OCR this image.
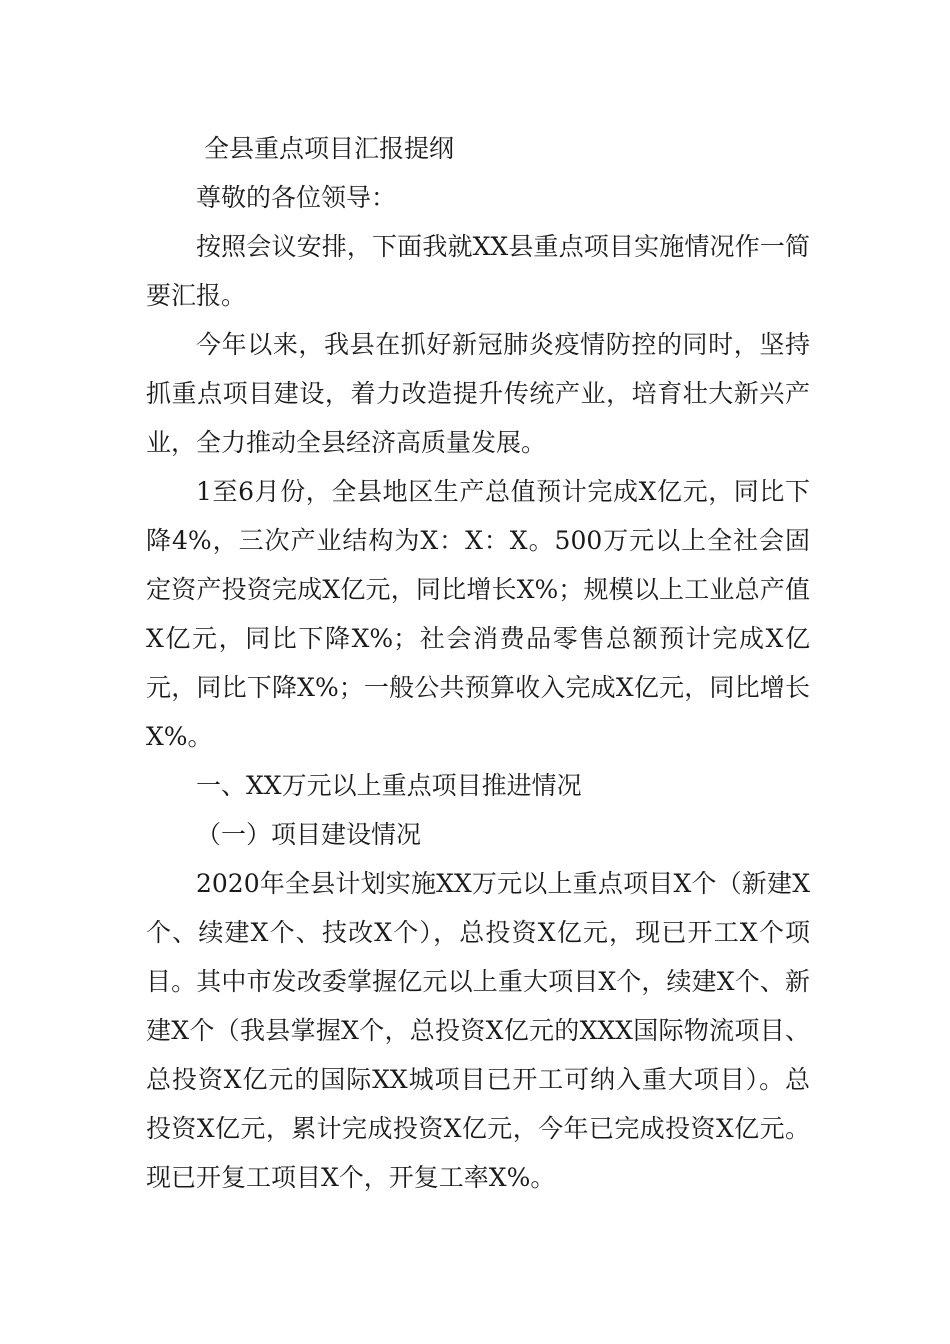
全县重点项目汇报提纲

尊敬的各位领导：

按照会议安排，下面我就XX县重点项目实施情况作一简要汇报。

今年以来，我县在抓好新冠肺炎疫情防控的同时，坚持抓重点项目建设，着力改造提升传统产业，培育壮大新兴产业，全力推动全县经济高质量发展。

1至6月份，全县地区生产总值预计完成X亿元，同比下降4%，三次产业结构为X：X：X。500万元以上全社会固定资产投资完成X亿元，同比增长X%；规模以上工业总产值X亿元，同比下降X%；社会消费品零售总额预计完成X亿元，同比下降X%；一般公共预算收入完成X亿元，同比增长X%。

一、XX万元以上重点项目推进情况

（一）项目建设情况

2020年全县计划实施XX万元以上重点项目X个（新建X个、续建X个、技改X个），总投资X亿元，现已开工X个项目。其中市发改委掌握亿元以上重大项目X个，续建X个、新建X个（我县掌握X个，总投资X亿元的XXX国际物流项目、总投资X亿元的国际XX城项目已开工可纳入重大项目）。总投资X亿元，累计完成投资X亿元，今年已完成投资X亿元。现已开复工项目X个，开复工率X%。
